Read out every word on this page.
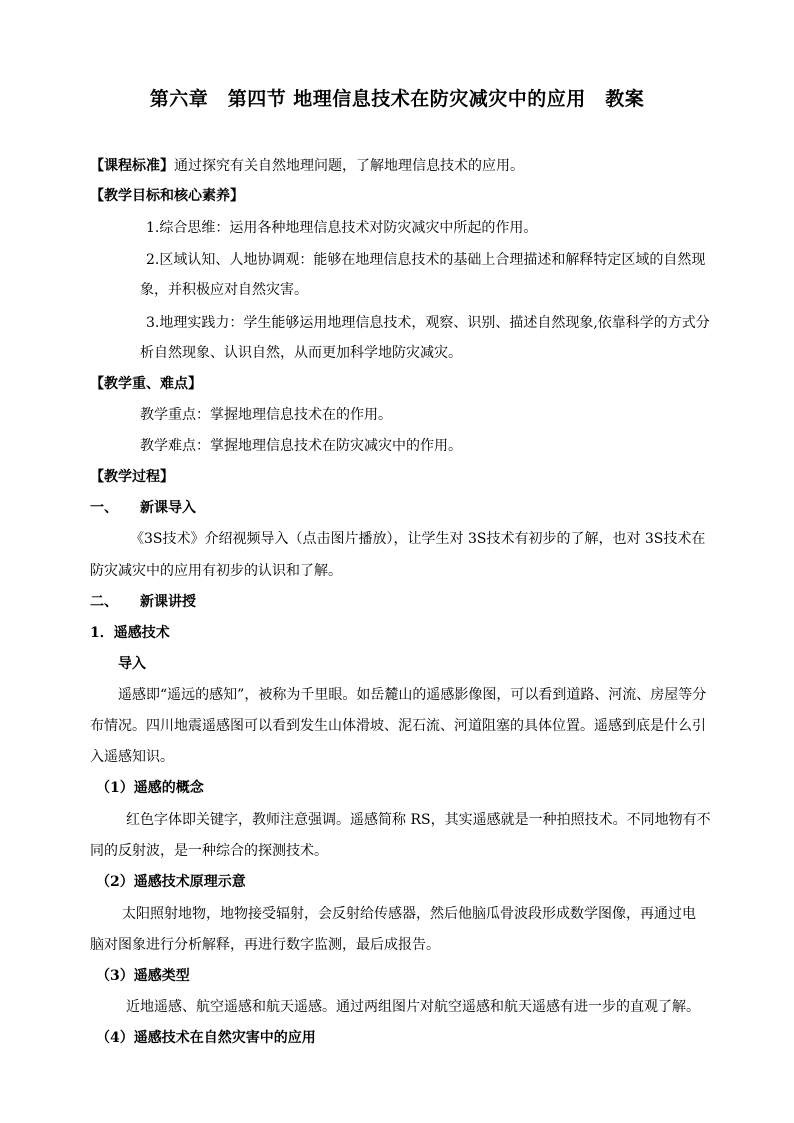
第六章　第四节 地理信息技术在防灾减灾中的应用　教案
【课程标准】通过探究有关自然地理问题，了解地理信息技术的应用。
【教学目标和核心素养】
1.综合思维：运用各种地理信息技术对防灾减灾中所起的作用。
2.区域认知、人地协调观：能够在地理信息技术的基础上合理描述和解释特定区域的自然现
象，并积极应对自然灾害。
3.地理实践力：学生能够运用地理信息技术，观察、识别、描述自然现象,依靠科学的方式分
析自然现象、认识自然，从而更加科学地防灾减灾。
【教学重、难点】
教学重点：掌握地理信息技术在的作用。
教学难点：掌握地理信息技术在防灾减灾中的作用。
【教学过程】
一、 新课导入
《3S技术》介绍视频导入（点击图片播放），让学生对 3S技术有初步的了解，也对 3S技术在
防灾减灾中的应用有初步的认识和了解。
二、 新课讲授
1．遥感技术
导入
遥感即“遥远的感知”，被称为千里眼。如岳麓山的遥感影像图，可以看到道路、河流、房屋等分
布情况。四川地震遥感图可以看到发生山体滑坡、泥石流、河道阻塞的具体位置。遥感到底是什么引
入遥感知识。
（1）遥感的概念
红色字体即关键字，教师注意强调。遥感简称 RS，其实遥感就是一种拍照技术。不同地物有不
同的反射波，是一种综合的探测技术。
（2）遥感技术原理示意
太阳照射地物，地物接受辐射，会反射给传感器，然后他脑瓜骨波段形成数学图像，再通过电
脑对图象进行分析解释，再进行数字监测，最后成报告。
（3）遥感类型
近地遥感、航空遥感和航天遥感。通过两组图片对航空遥感和航天遥感有进一步的直观了解。
（4）遥感技术在自然灾害中的应用
